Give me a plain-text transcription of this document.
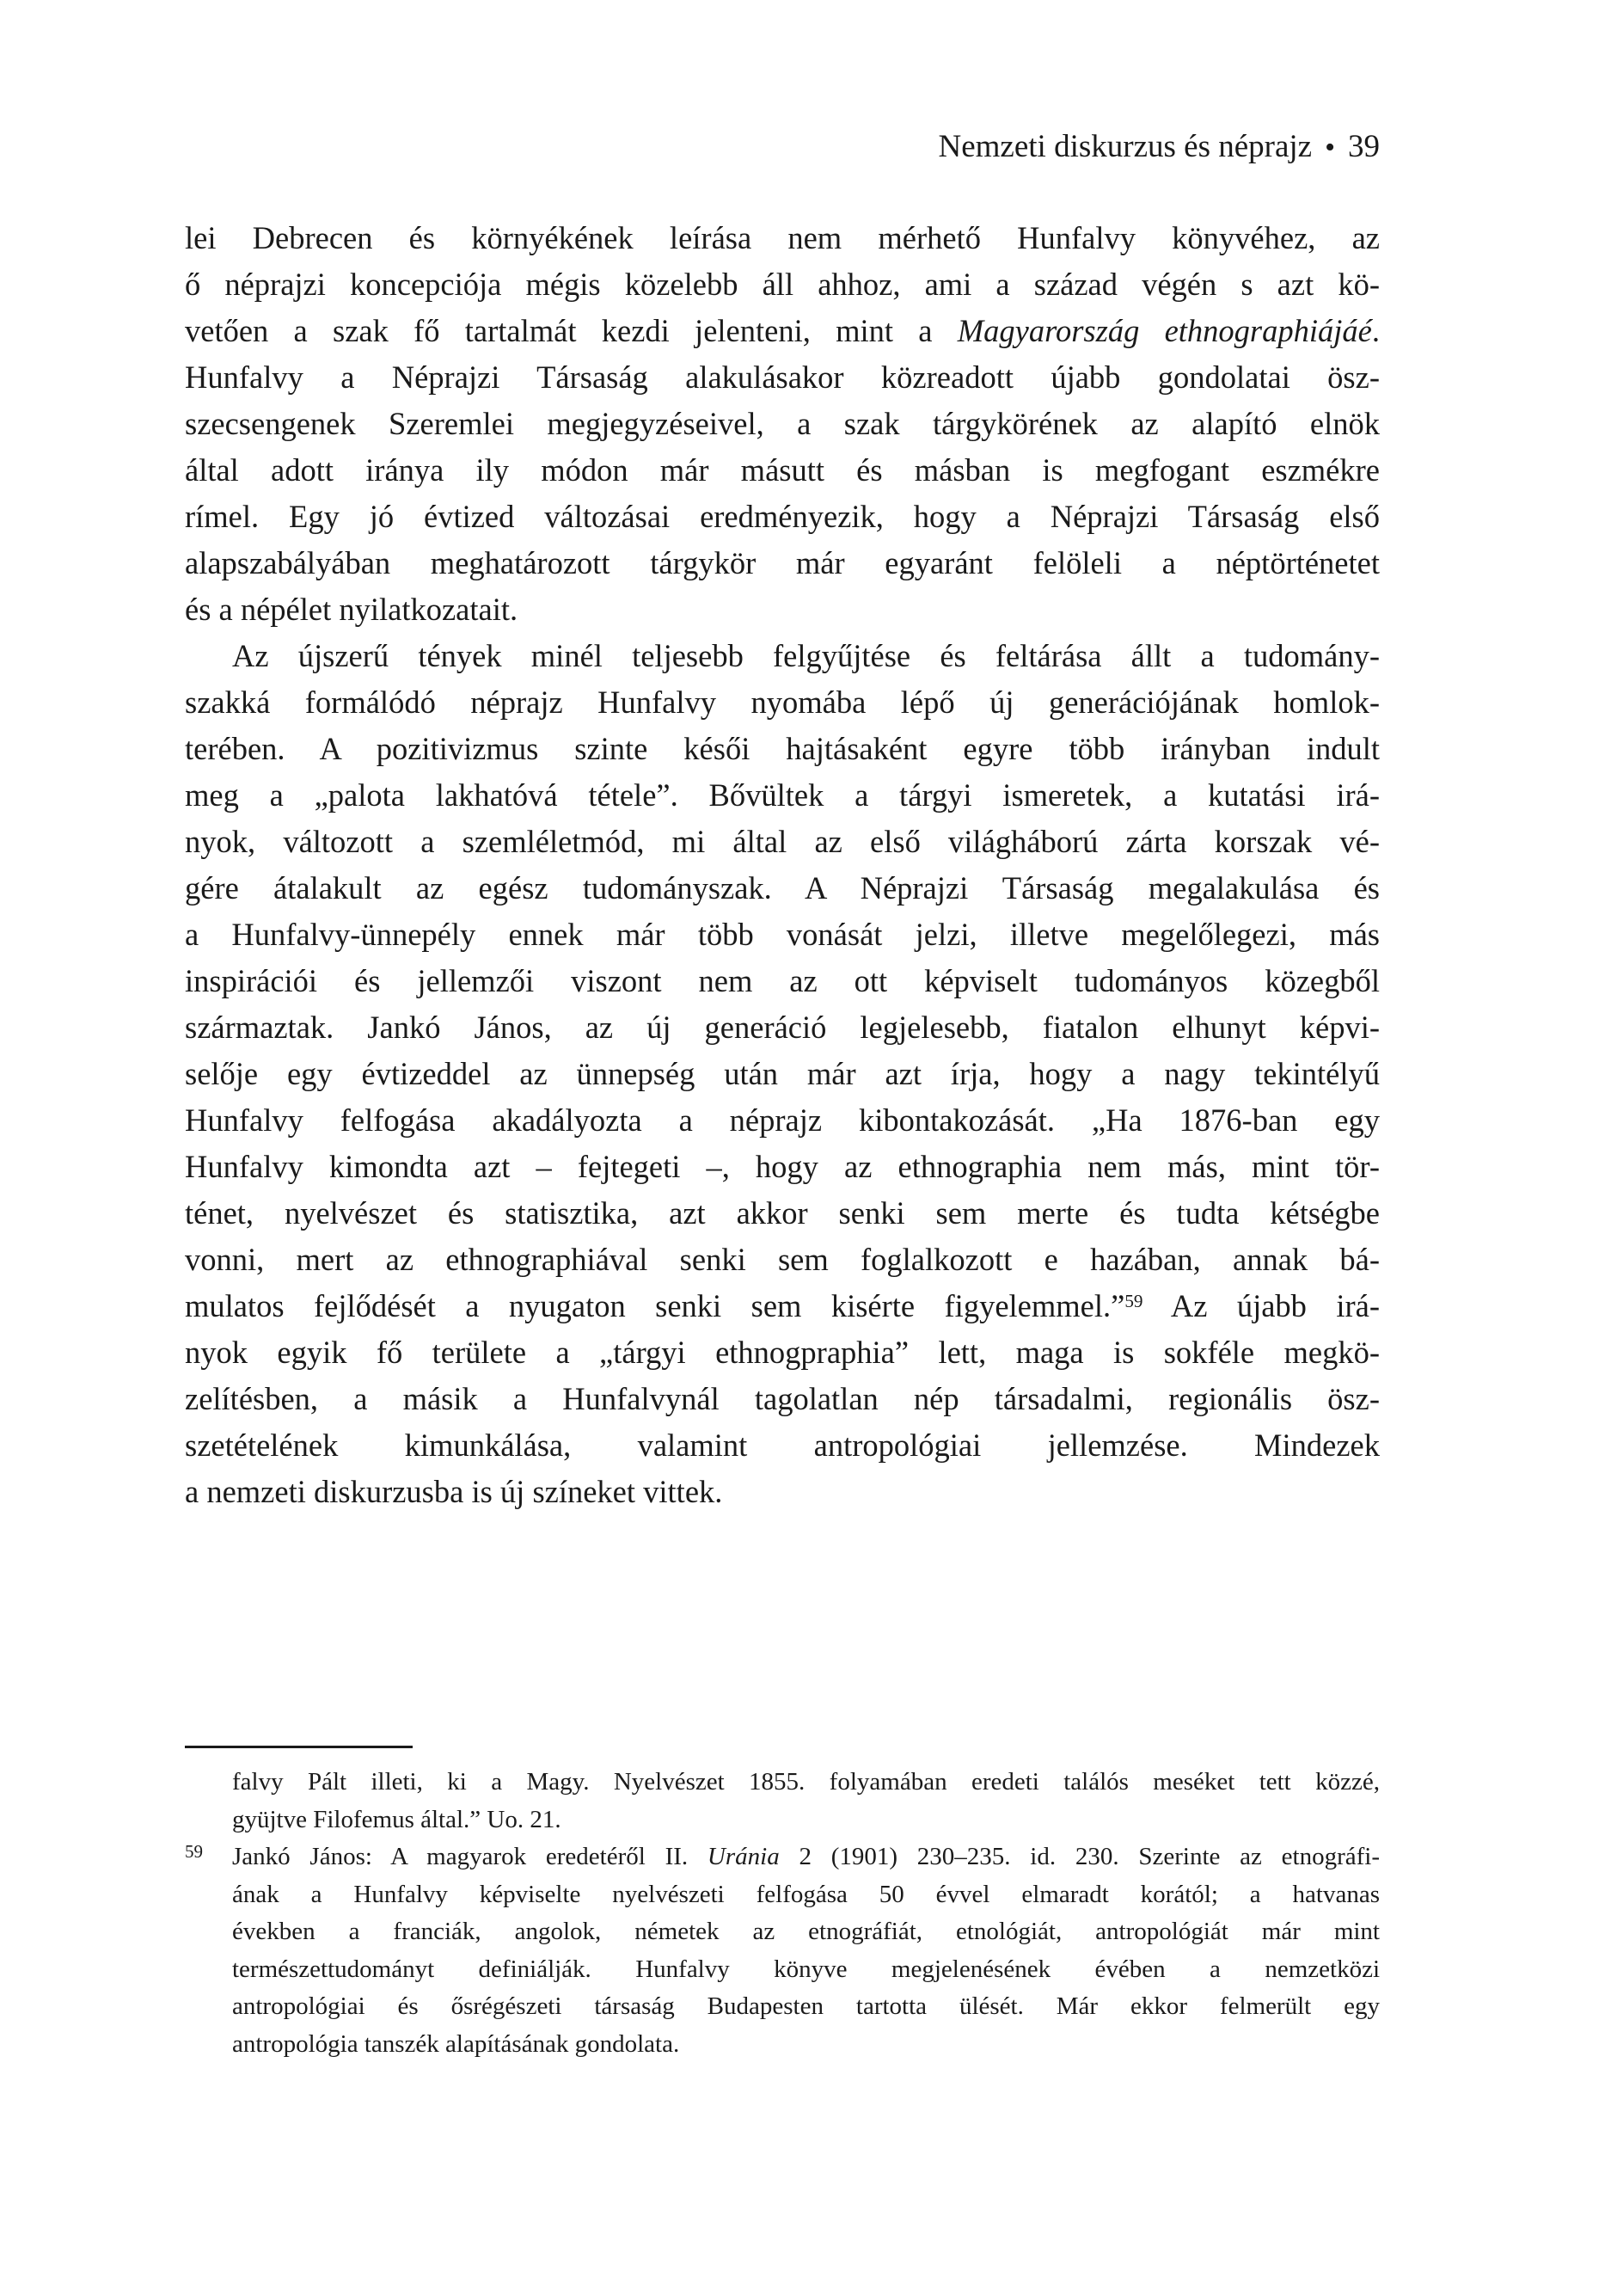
Nemzeti diskurzus és néprajz • 39
lei Debrecen és környékének leírása nem mérhető Hunfalvy könyvéhez, az
ő néprajzi koncepciója mégis közelebb áll ahhoz, ami a század végén s azt kö-
vetően a szak fő tartalmát kezdi jelenteni, mint a Magyarország ethnographiájáé.
Hunfalvy a Néprajzi Társaság alakulásakor közreadott újabb gondolatai ösz-
szecsengenek Szeremlei megjegyzéseivel, a szak tárgykörének az alapító elnök
által adott iránya ily módon már másutt és másban is megfogant eszmékre
rímel. Egy jó évtized változásai eredményezik, hogy a Néprajzi Társaság első
alapszabályában meghatározott tárgykör már egyaránt felöleli a néptörténetet
és a népélet nyilatkozatait.
Az újszerű tények minél teljesebb felgyűjtése és feltárása állt a tudomány-
szakká formálódó néprajz Hunfalvy nyomába lépő új generációjának homlok-
terében. A pozitivizmus szinte késői hajtásaként egyre több irányban indult
meg a „palota lakhatóvá tétele”. Bővültek a tárgyi ismeretek, a kutatási irá-
nyok, változott a szemléletmód, mi által az első világháború zárta korszak vé-
gére átalakult az egész tudományszak. A Néprajzi Társaság megalakulása és
a Hunfalvy-ünnepély ennek már több vonását jelzi, illetve megelőlegezi, más
inspirációi és jellemzői viszont nem az ott képviselt tudományos közegből
származtak. Jankó János, az új generáció legjelesebb, fiatalon elhunyt képvi-
selője egy évtizeddel az ünnepség után már azt írja, hogy a nagy tekintélyű
Hunfalvy felfogása akadályozta a néprajz kibontakozását. „Ha 1876-ban egy
Hunfalvy kimondta azt – fejtegeti –, hogy az ethnographia nem más, mint tör-
ténet, nyelvészet és statisztika, azt akkor senki sem merte és tudta kétségbe
vonni, mert az ethnographiával senki sem foglalkozott e hazában, annak bá-
mulatos fejlődését a nyugaton senki sem kisérte figyelemmel.”$^{59}$ Az újabb irá-
nyok egyik fő területe a „tárgyi ethnogpraphia” lett, maga is sokféle megkö-
zelítésben, a másik a Hunfalvynál tagolatlan nép társadalmi, regionális ösz-
szetételének kimunkálása, valamint antropológiai jellemzése. Mindezek
a nemzeti diskurzusba is új színeket vittek.
falvy Pált illeti, ki a Magy. Nyelvészet 1855. folyamában eredeti találós meséket tett közzé,
gyüjtve Filofemus által.” Uo. 21.
59 Jankó János: A magyarok eredetéről II. Uránia 2 (1901) 230–235. id. 230. Szerinte az etnográfi-
ának a Hunfalvy képviselte nyelvészeti felfogása 50 évvel elmaradt korától; a hatvanas
években a franciák, angolok, németek az etnográfiát, etnológiát, antropológiát már mint
természettudományt definiálják. Hunfalvy könyve megjelenésének évében a nemzetközi
antropológiai és ősrégészeti társaság Budapesten tartotta ülését. Már ekkor felmerült egy
antropológia tanszék alapításának gondolata.
